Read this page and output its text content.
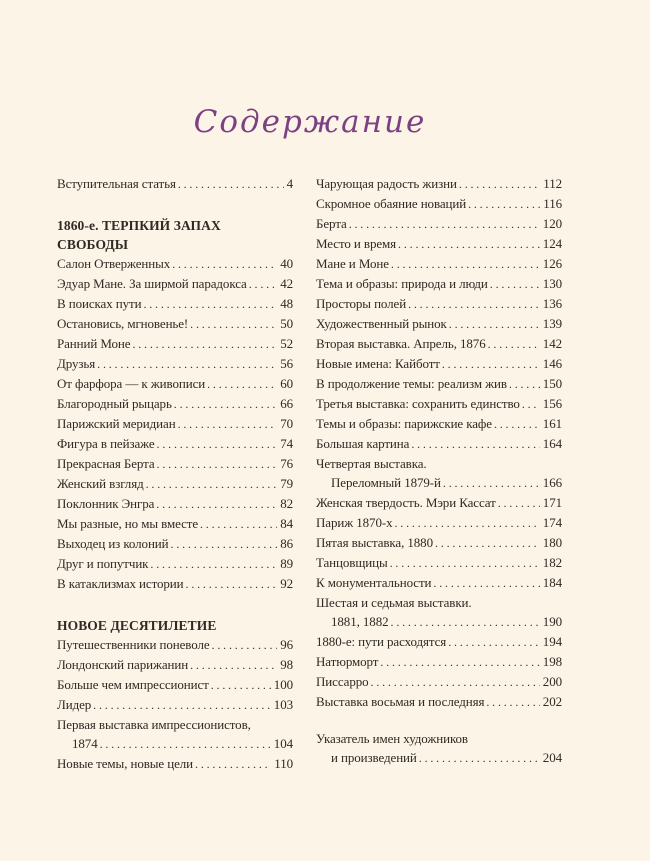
Содержание
Вступительная статья .....	4
1860-е. ТЕРПКИЙ ЗАПАХ СВОБОДЫ
Салон Отверженных .....	40
Эдуар Мане. За ширмой парадокса .....	42
В поисках пути .....	48
Остановись, мгновенье! .....	50
Ранний Моне .....	52
Друзья .....	56
От фарфора — к живописи .....	60
Благородный рыцарь .....	66
Парижский меридиан .....	70
Фигура в пейзаже .....	74
Прекрасная Берта .....	76
Женский взгляд .....	79
Поклонник Энгра .....	82
Мы разные, но мы вместе .....	84
Выходец из колоний .....	86
Друг и попутчик .....	89
В катаклизмах истории .....	92
НОВОЕ ДЕСЯТИЛЕТИЕ
Путешественники поневоле .....	96
Лондонский парижанин .....	98
Больше чем импрессионист .....	100
Лидер .....	103
Первая выставка импрессионистов,
1874 .....	104
Новые темы, новые цели .....	110
Чарующая радость жизни .....	112
Скромное обаяние новаций .....	116
Берта .....	120
Место и время .....	124
Мане и Моне .....	126
Тема и образы: природа и люди .....	130
Просторы полей .....	136
Художественный рынок .....	139
Вторая выставка. Апрель, 1876 .....	142
Новые имена: Кайботт .....	146
В продолжение темы: реализм жив .....	150
Третья выставка: сохранить единство ..... 156
Темы и образы: парижские кафе .....	161
Большая картина .....	164
Четвертая выставка.
Переломный 1879-й .....	166
Женская твердость. Мэри Кассат .....	171
Париж 1870-х .....	174
Пятая выставка, 1880 .....	180
Танцовщицы .....	182
К монументальности .....	184
Шестая и седьмая выставки.
1881, 1882 .....	190
1880-е: пути расходятся .....	194
Натюрморт .....	198
Писсарро .....	200
Выставка восьмая и последняя .....	202
Указатель имен художников
и произведений .....	204
